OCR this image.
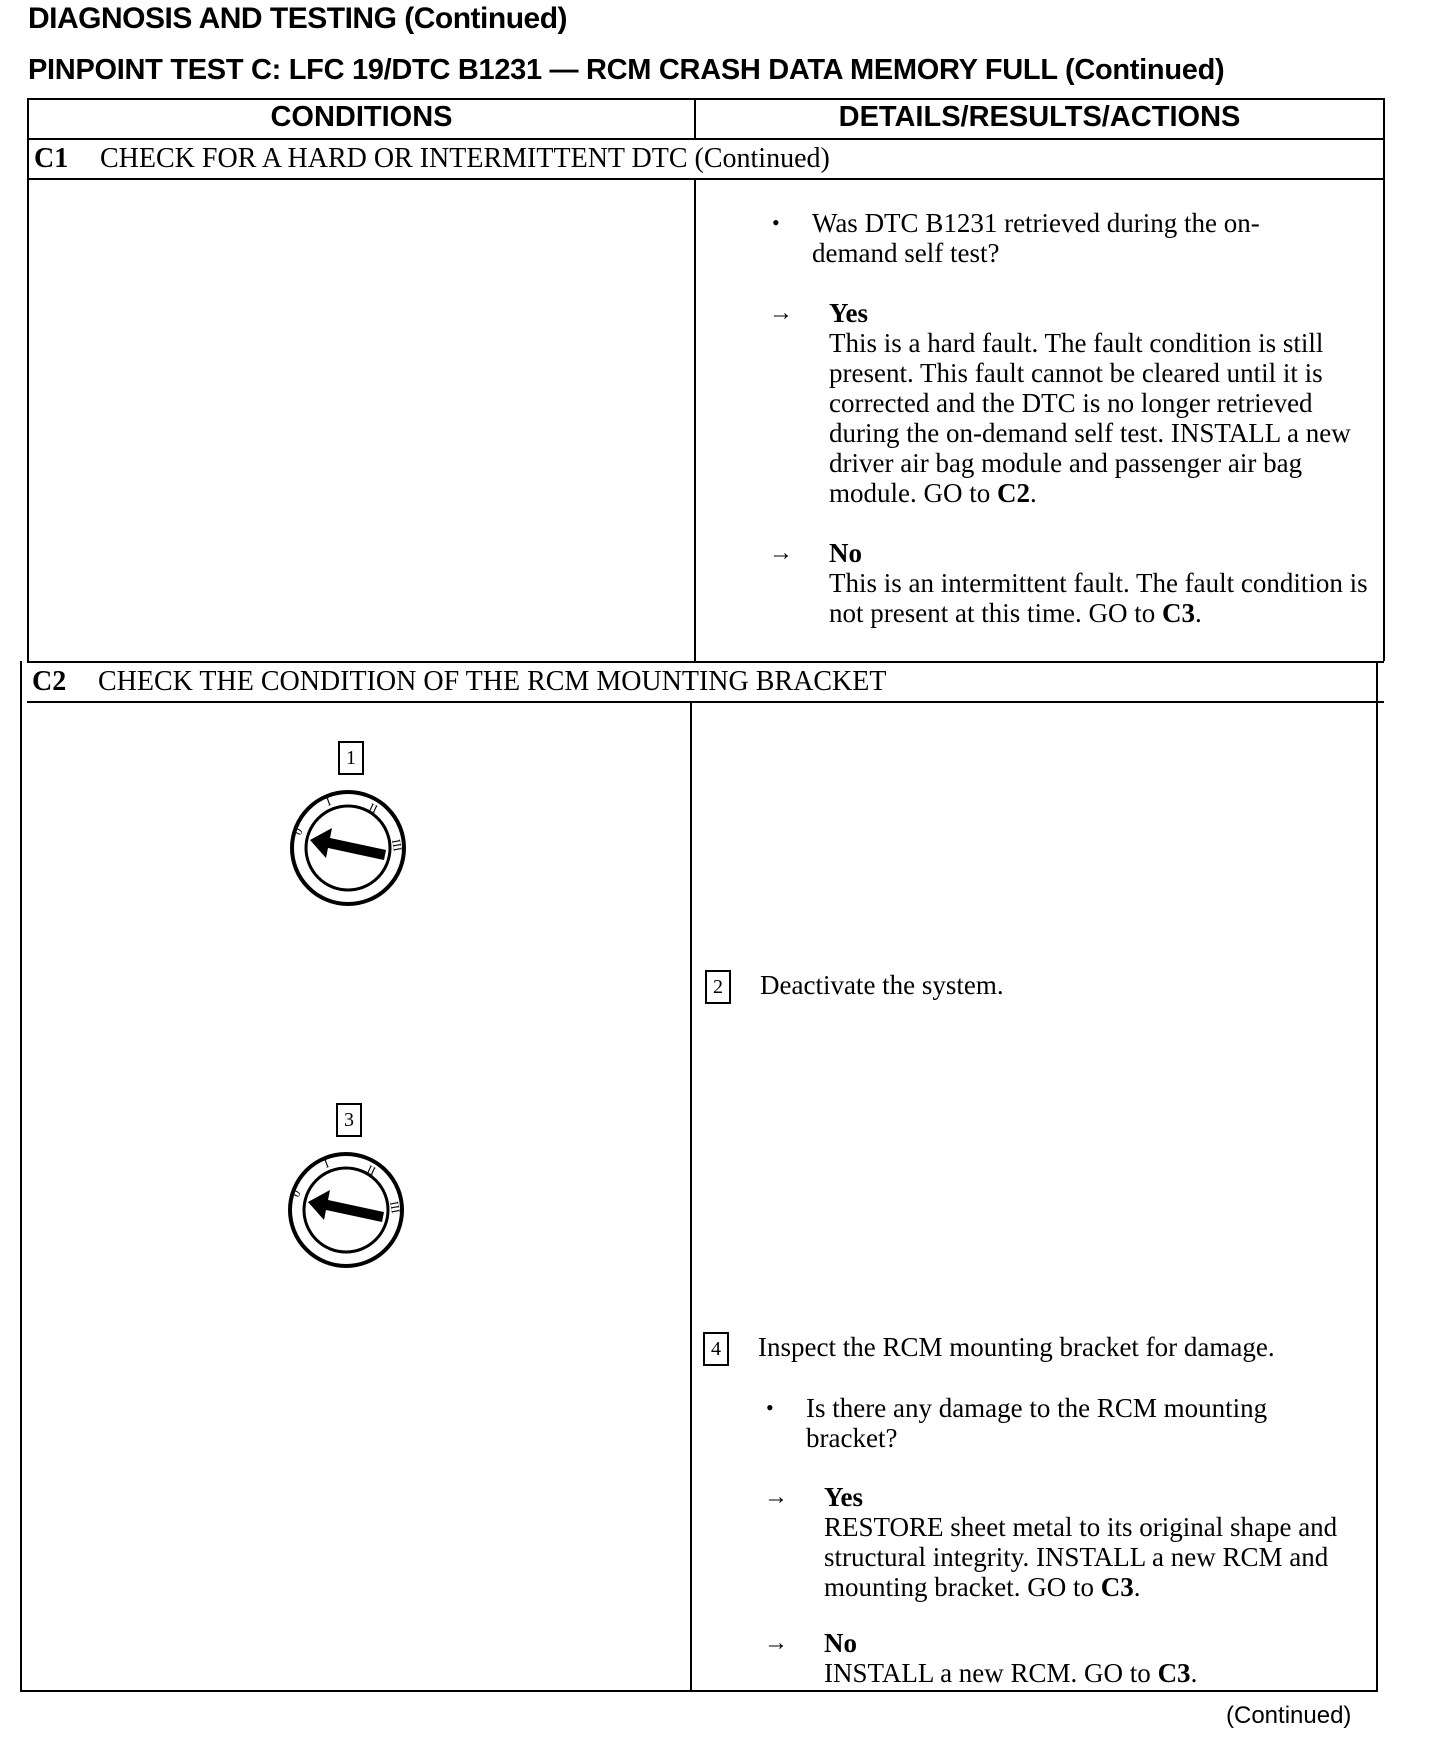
DIAGNOSIS AND TESTING (Continued)
PINPOINT TEST C: LFC 19/DTC B1231 — RCM CRASH DATA MEMORY FULL (Continued)
CONDITIONS	DETAILS/RESULTS/ACTIONS
C1 CHECK FOR A HARD OR INTERMITTENT DTC (Continued)
• Was DTC B1231 retrieved during the on-demand self test?
→ Yes
This is a hard fault. The fault condition is still present. This fault cannot be cleared until it is corrected and the DTC is no longer retrieved during the on-demand self test. INSTALL a new driver air bag module and passenger air bag module. GO to C2.
→ No
This is an intermittent fault. The fault condition is not present at this time. GO to C3.
C2 CHECK THE CONDITION OF THE RCM MOUNTING BRACKET
1
0
I	II
III
3
0
I	II
III
2 Deactivate the system.
4 Inspect the RCM mounting bracket for damage.
• Is there any damage to the RCM mounting bracket?
→ Yes
RESTORE sheet metal to its original shape and structural integrity. INSTALL a new RCM and mounting bracket. GO to C3.
→ No
INSTALL a new RCM. GO to C3.
(Continued)
